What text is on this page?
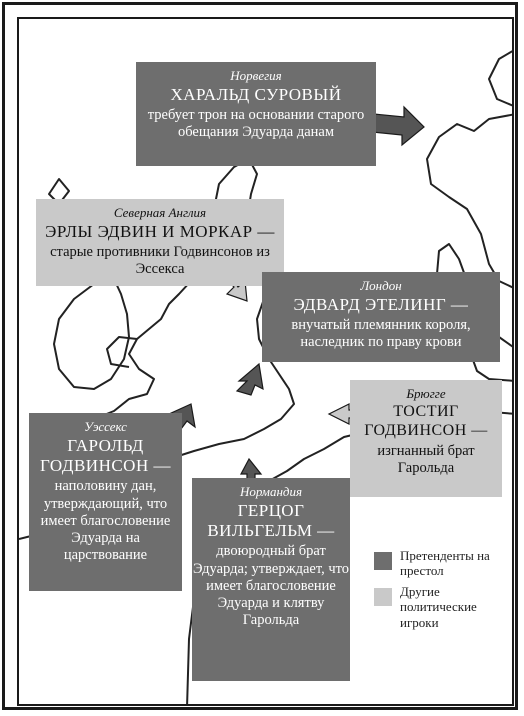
Норвегия
ХАРАЛЬД СУРОВЫЙ
требует трон на основании старого обещания Эдуарда данам
Северная Англия
ЭРЛЫ ЭДВИН И МОРКАР —
старые противники Годвинсонов из Эссекса
Лондон
ЭДВАРД ЭТЕЛИНГ —
внучатый племянник короля, наследник по праву крови
Брюгге
ТОСТИГ ГОДВИНСОН —
изгнанный брат Гарольда
Уэссекс
ГАРОЛЬД ГОДВИНСОН —
наполовину дан, утверждающий, что имеет благословение Эдуарда на царствование
Нормандия
ГЕРЦОГ ВИЛЬГЕЛЬМ —
двоюродный брат Эдуарда; утверждает, что имеет благословение Эдуарда и клятву Гарольда
Претенденты на престол
Другие политические игроки
